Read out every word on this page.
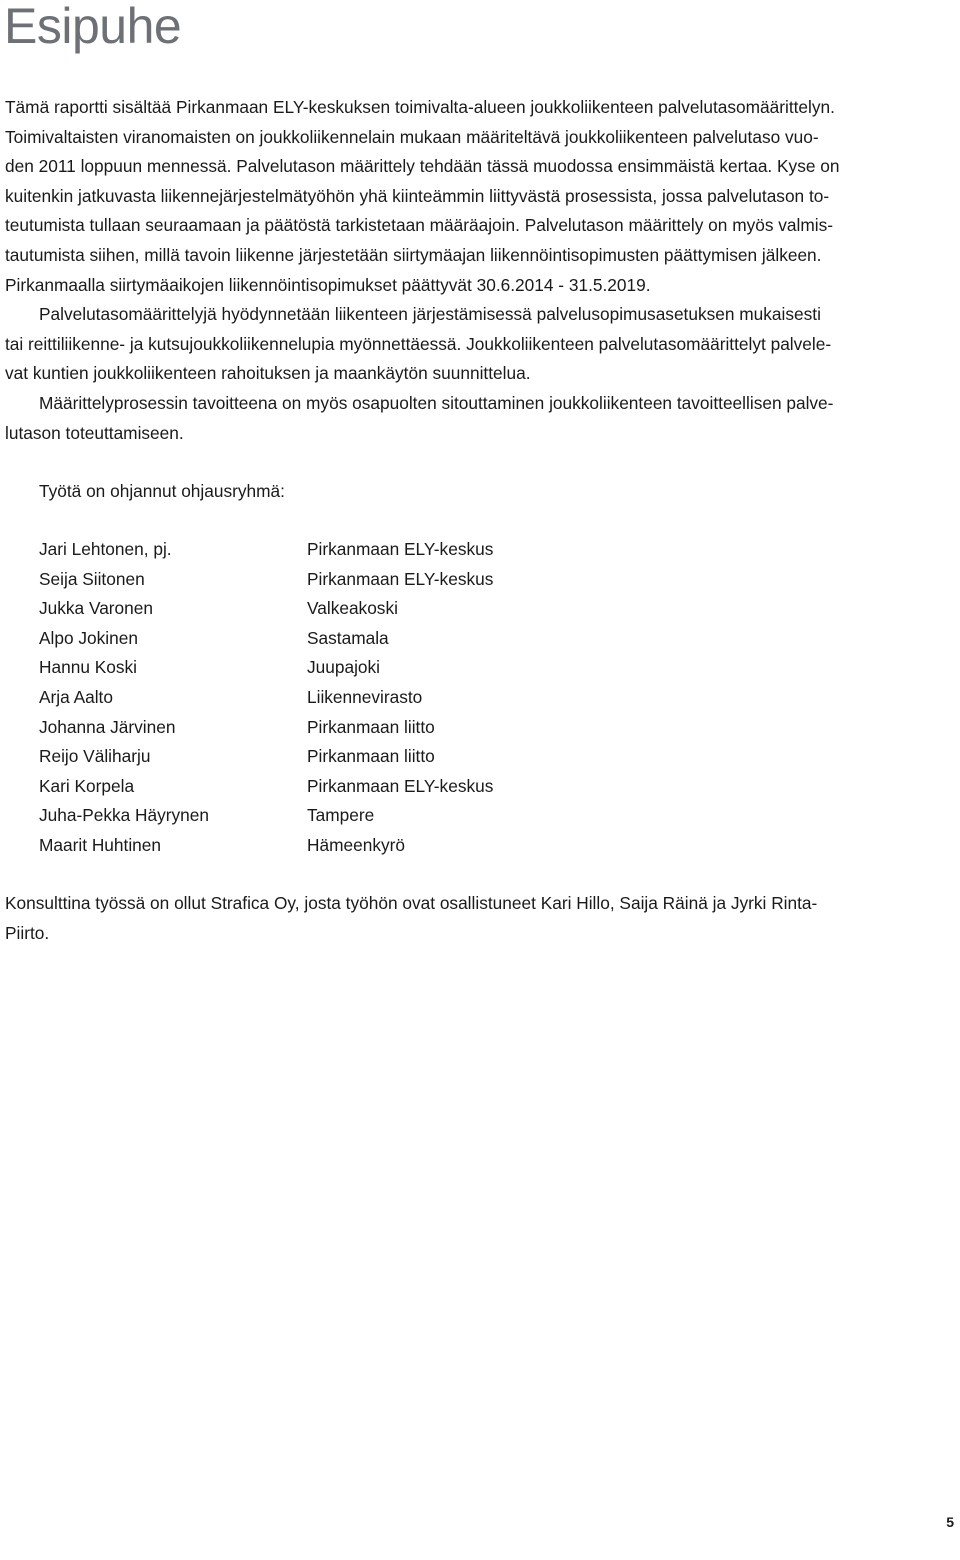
Esipuhe

Tämä raportti sisältää Pirkanmaan ELY-keskuksen toimivalta-alueen joukkoliikenteen palvelutasomäärittelyn.
Toimivaltaisten viranomaisten on joukkoliikennelain mukaan määriteltävä joukkoliikenteen palvelutaso vuo-
den 2011 loppuun mennessä. Palvelutason määrittely tehdään tässä muodossa ensimmäistä kertaa. Kyse on
kuitenkin jatkuvasta liikennejärjestelmätyöhön yhä kiinteämmin liittyvästä prosessista, jossa palvelutason to-
teutumista tullaan seuraamaan ja päätöstä tarkistetaan määräajoin. Palvelutason määrittely on myös valmis-
tautumista siihen, millä tavoin liikenne järjestetään siirtymäajan liikennöintisopimusten päättymisen jälkeen.
Pirkanmaalla siirtymäaikojen liikennöintisopimukset päättyvät 30.6.2014 - 31.5.2019.

Palvelutasomäärittelyjä hyödynnetään liikenteen järjestämisessä palvelusopimusasetuksen mukaisesti
tai reittiliikenne- ja kutsujoukkoliikennelupia myönnettäessä. Joukkoliikenteen palvelutasomäärittelyt palvele-
vat kuntien joukkoliikenteen rahoituksen ja maankäytön suunnittelua.

Määrittelyprosessin tavoitteena on myös osapuolten sitouttaminen joukkoliikenteen tavoitteellisen palve-
lutason toteuttamiseen.

Työtä on ohjannut ohjausryhmä:

Jari Lehtonen, pj.	Pirkanmaan ELY-keskus
Seija Siitonen	Pirkanmaan ELY-keskus
Jukka Varonen	Valkeakoski
Alpo Jokinen	Sastamala
Hannu Koski	Juupajoki
Arja Aalto	Liikennevirasto
Johanna Järvinen	Pirkanmaan liitto
Reijo Väliharju	Pirkanmaan liitto
Kari Korpela	Pirkanmaan ELY-keskus
Juha-Pekka Häyrynen	Tampere
Maarit Huhtinen	Hämeenkyrö

Konsulttina työssä on ollut Strafica Oy, josta työhön ovat osallistuneet Kari Hillo, Saija Räinä ja Jyrki Rinta-
Piirto.

5
